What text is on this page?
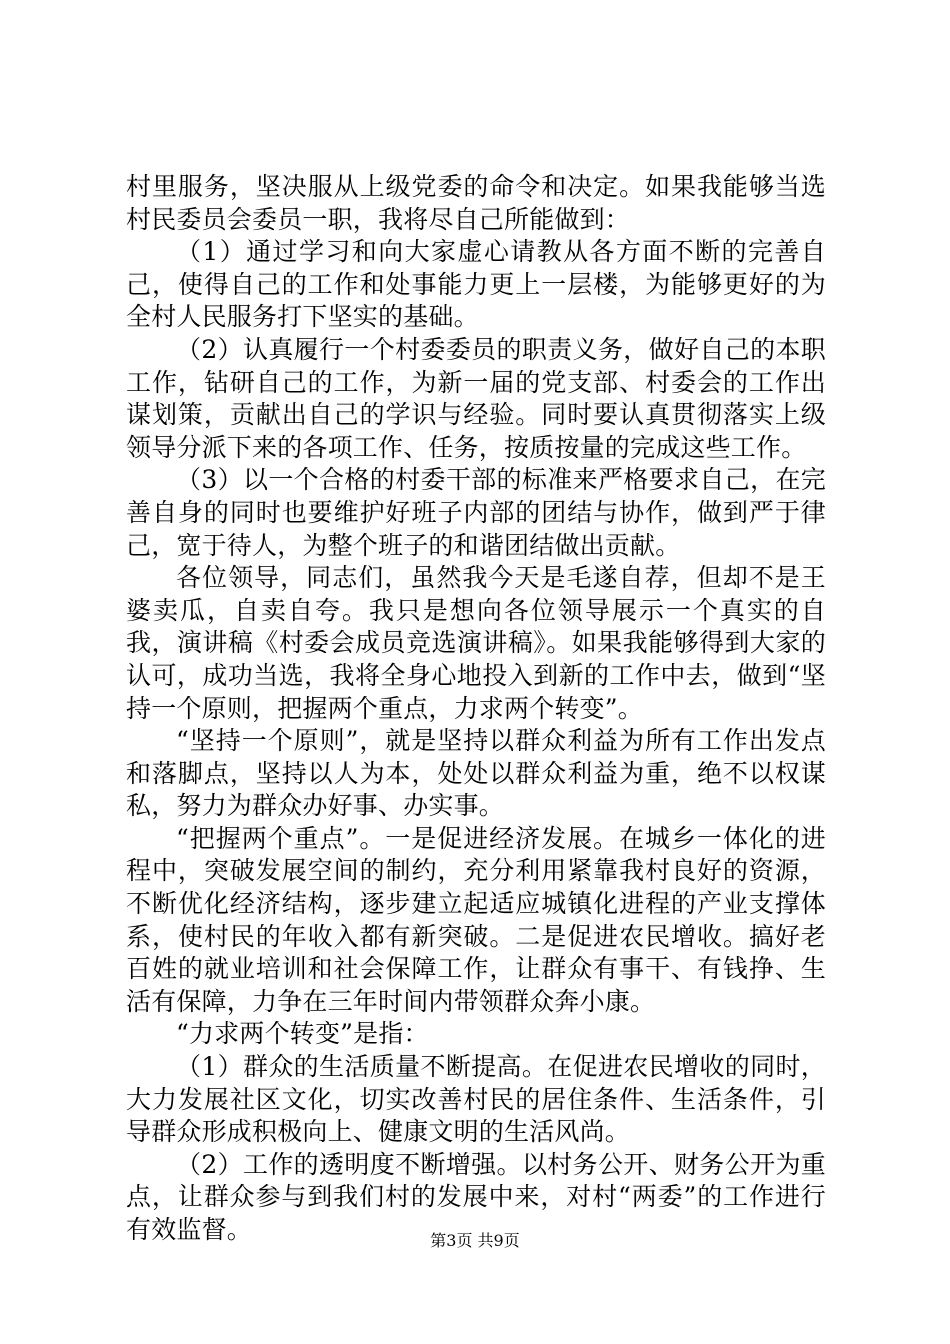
村里服务，坚决服从上级党委的命令和决定。如果我能够当选村民委员会委员一职，我将尽自己所能做到：

（1）通过学习和向大家虚心请教从各方面不断的完善自己，使得自己的工作和处事能力更上一层楼，为能够更好的为全村人民服务打下坚实的基础。

（2）认真履行一个村委委员的职责义务，做好自己的本职工作，钻研自己的工作，为新一届的党支部、村委会的工作出谋划策，贡献出自己的学识与经验。同时要认真贯彻落实上级领导分派下来的各项工作、任务，按质按量的完成这些工作。

（3）以一个合格的村委干部的标准来严格要求自己，在完善自身的同时也要维护好班子内部的团结与协作，做到严于律己，宽于待人，为整个班子的和谐团结做出贡献。

各位领导，同志们，虽然我今天是毛遂自荐，但却不是王婆卖瓜，自卖自夸。我只是想向各位领导展示一个真实的自我，演讲稿《村委会成员竞选演讲稿》。如果我能够得到大家的认可，成功当选，我将全身心地投入到新的工作中去，做到“坚持一个原则，把握两个重点，力求两个转变”。

“坚持一个原则”，就是坚持以群众利益为所有工作出发点和落脚点，坚持以人为本，处处以群众利益为重，绝不以权谋私，努力为群众办好事、办实事。

“把握两个重点”。一是促进经济发展。在城乡一体化的进程中，突破发展空间的制约，充分利用紧靠我村良好的资源，不断优化经济结构，逐步建立起适应城镇化进程的产业支撑体系，使村民的年收入都有新突破。二是促进农民增收。搞好老百姓的就业培训和社会保障工作，让群众有事干、有钱挣、生活有保障，力争在三年时间内带领群众奔小康。

“力求两个转变”是指：

（1）群众的生活质量不断提高。在促进农民增收的同时，大力发展社区文化，切实改善村民的居住条件、生活条件，引导群众形成积极向上、健康文明的生活风尚。

（2）工作的透明度不断增强。以村务公开、财务公开为重点，让群众参与到我们村的发展中来，对村“两委”的工作进行有效监督。	第3页 共9页
